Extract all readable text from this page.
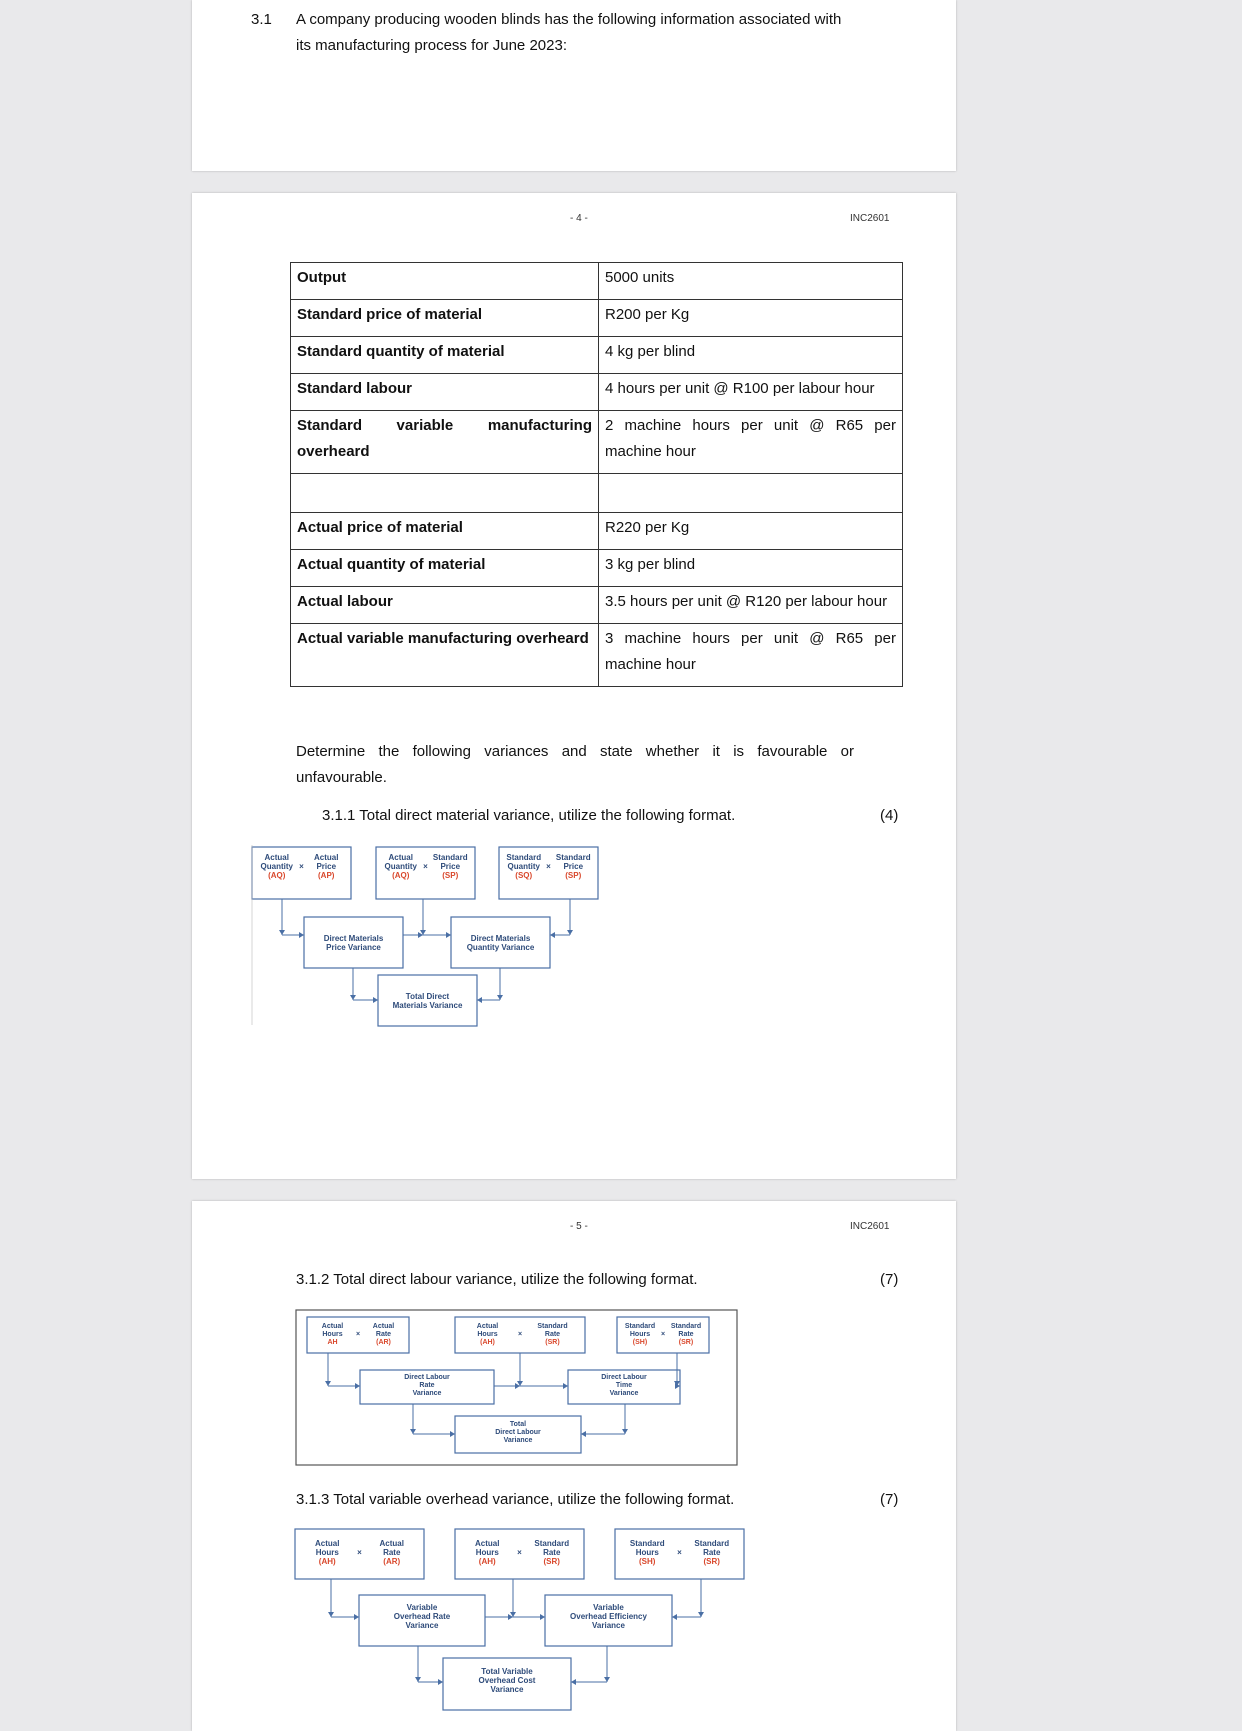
3.1 A company producing wooden blinds has the following information associated with
its manufacturing process for June 2023:
- 4 -	INC2601
Output	5000 units
Standard price of material	R200 per Kg
Standard quantity of material	4 kg per blind
Standard labour	4 hours per unit @ R100 per labour hour
Standard variable manufacturing overheard	2 machine hours per unit @ R65 per machine hour

Actual price of material	R220 per Kg
Actual quantity of material	3 kg per blind
Actual labour	3.5 hours per unit @ R120 per labour hour
Actual variable manufacturing overheard	3 machine hours per unit @ R65 per machine hour
Determine the following variances and state whether it is favourable or unfavourable.
3.1.1 Total direct material variance, utilize the following format.	(4)
Actual Quantity (AQ)
Actual Price (AP)
×
Actual Quantity (AQ)
Standard Price (SP)
×
Standard Quantity (SQ)
Standard Price (SP)
×
Direct Materials Price Variance
Direct Materials Quantity Variance
Total Direct Materials Variance
- 5 -	INC2601
3.1.2 Total direct labour variance, utilize the following format.	(7)
Actual Hours AH
Actual Rate (AR)
×
Actual Hours (AH)
Standard Rate (SR)
×
Standard Hours (SH)
Standard Rate (SR)
×
Direct Labour Rate Variance
Direct Labour Time Variance
Total Direct Labour Variance
3.1.3 Total variable overhead variance, utilize the following format.	(7)
Actual Hours (AH)
Actual Rate (AR)
×
Actual Hours (AH)
Standard Rate (SR)
×
Standard Hours (SH)
Standard Rate (SR)
×
Variable Overhead Rate Variance
Variable Overhead Efficiency Variance
Total Variable Overhead Cost Variance
